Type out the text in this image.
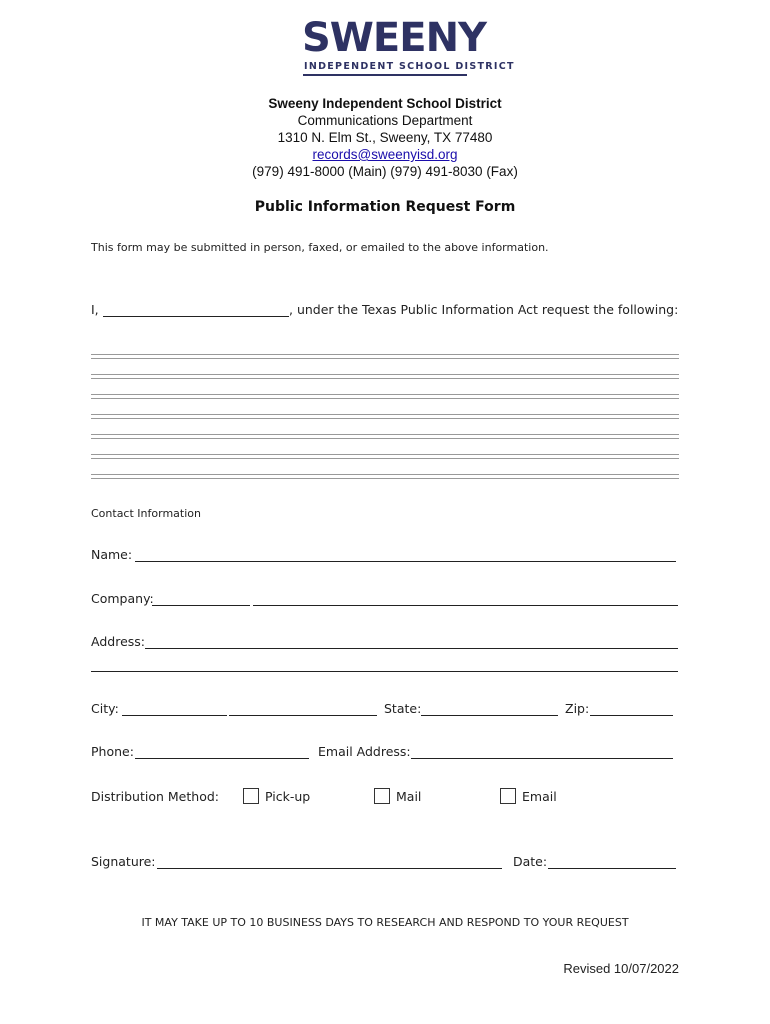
SWEENY
INDEPENDENT SCHOOL DISTRICT
Sweeny Independent School District
Communications Department
1310 N. Elm St., Sweeny, TX 77480
records@sweenyisd.org
(979) 491-8000 (Main) (979) 491-8030 (Fax)
Public Information Request Form
This form may be submitted in person, faxed, or emailed to the above information.
I,	, under the Texas Public Information Act request the following:
Contact Information
Name:
Company:
Address:
City:	State:	Zip:
Phone:	Email Address:
Distribution Method:	Pick-up	Mail	Email
Signature:	Date:
IT MAY TAKE UP TO 10 BUSINESS DAYS TO RESEARCH AND RESPOND TO YOUR REQUEST
Revised 10/07/2022
